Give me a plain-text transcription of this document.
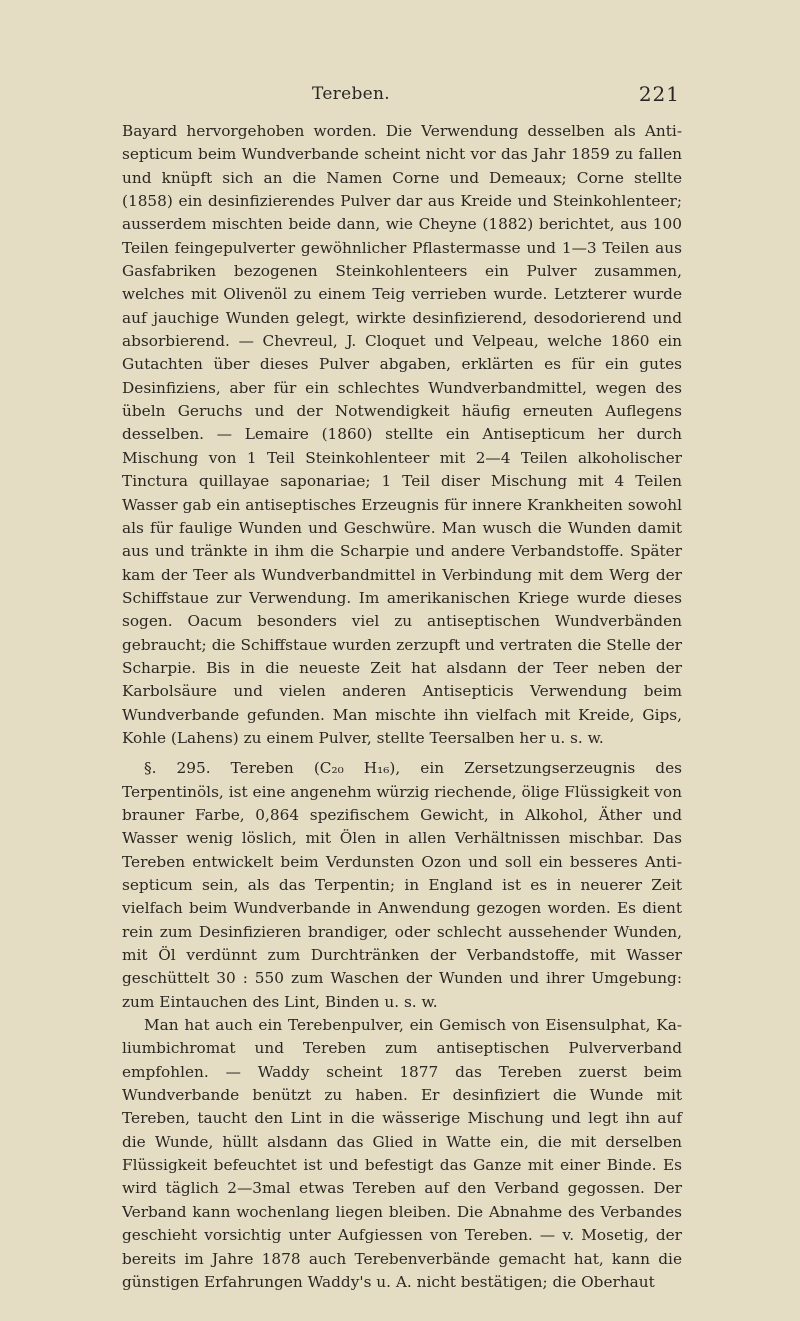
Tereben.	221

Bayard hervorgehoben worden. Die Verwendung desselben als Antisepticum beim Wundverbande scheint nicht vor das Jahr 1859 zu fallen und knüpft sich an die Namen Corne und Demeaux; Corne stellte (1858) ein desinfizierendes Pulver dar aus Kreide und Steinkohlenteer; ausserdem mischten beide dann, wie Cheyne (1882) berichtet, aus 100 Teilen feingepulverter gewöhnlicher Pflastermasse und 1—3 Teilen aus Gasfabriken bezogenen Steinkohlenteers ein Pulver zusammen, welches mit Olivenöl zu einem Teig verrieben wurde. Letzterer wurde auf jauchige Wunden gelegt, wirkte desinfizierend, desodorierend und absorbierend. — Chevreul, J. Cloquet und Velpeau, welche 1860 ein Gutachten über dieses Pulver abgaben, erklärten es für ein gutes Desinfiziens, aber für ein schlechtes Wundverbandmittel, wegen des übeln Geruchs und der Notwendigkeit häufig erneuten Auflegens desselben. — Lemaire (1860) stellte ein Antisepticum her durch Mischung von 1 Teil Steinkohlenteer mit 2—4 Teilen alkoholischer Tinctura quillayae saponariae; 1 Teil diser Mischung mit 4 Teilen Wasser gab ein antiseptisches Erzeugnis für innere Krankheiten sowohl als für faulige Wunden und Geschwüre. Man wusch die Wunden damit aus und tränkte in ihm die Scharpie und andere Verbandstoffe. Später kam der Teer als Wundverbandmittel in Verbindung mit dem Werg der Schiffstaue zur Verwendung. Im amerikanischen Kriege wurde dieses sogen. Oacum besonders viel zu antiseptischen Wundverbänden gebraucht; die Schiffstaue wurden zerzupft und vertraten die Stelle der Scharpie. Bis in die neueste Zeit hat alsdann der Teer neben der Karbolsäure und vielen anderen Antisepticis Verwendung beim Wundverbande gefunden. Man mischte ihn vielfach mit Kreide, Gips, Kohle (Lahens) zu einem Pulver, stellte Teersalben her u. s. w.

§. 295. Tereben (C₂₀ H₁₆), ein Zersetzungserzeugnis des Terpentinöls, ist eine angenehm würzig riechende, ölige Flüssigkeit von brauner Farbe, 0,864 spezifischem Gewicht, in Alkohol, Äther und Wasser wenig löslich, mit Ölen in allen Verhältnissen mischbar. Das Tereben entwickelt beim Verdunsten Ozon und soll ein besseres Antisepticum sein, als das Terpentin; in England ist es in neuerer Zeit vielfach beim Wundverbande in Anwendung gezogen worden. Es dient rein zum Desinfizieren brandiger, oder schlecht aussehender Wunden, mit Öl verdünnt zum Durchtränken der Verbandstoffe, mit Wasser geschüttelt 30 : 550 zum Waschen der Wunden und ihrer Umgebung: zum Eintauchen des Lint, Binden u. s. w.

Man hat auch ein Terebenpulver, ein Gemisch von Eisensulphat, Kaliumbichromat und Tereben zum antiseptischen Pulververband empfohlen. — Waddy scheint 1877 das Tereben zuerst beim Wundverbande benützt zu haben. Er desinfiziert die Wunde mit Tereben, taucht den Lint in die wässerige Mischung und legt ihn auf die Wunde, hüllt alsdann das Glied in Watte ein, die mit derselben Flüssigkeit befeuchtet ist und befestigt das Ganze mit einer Binde. Es wird täglich 2—3mal etwas Tereben auf den Verband gegossen. Der Verband kann wochenlang liegen bleiben. Die Abnahme des Verbandes geschieht vorsichtig unter Aufgiessen von Tereben. — v. Mosetig, der bereits im Jahre 1878 auch Terebenverbände gemacht hat, kann die günstigen Erfahrungen Waddy's u. A. nicht bestätigen; die Oberhaut
